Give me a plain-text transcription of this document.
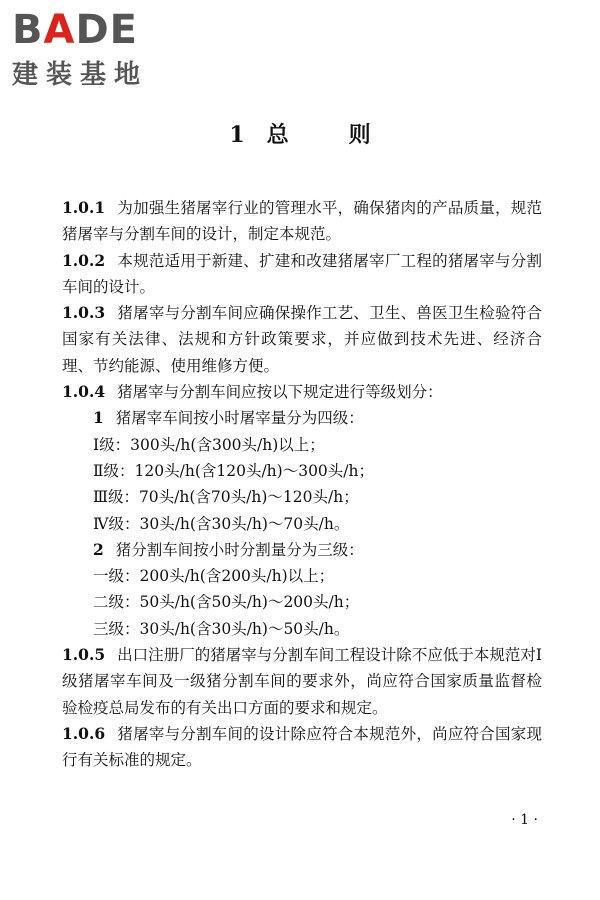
BADE
建装基地
1 总	则

1.0.1 为加强生猪屠宰行业的管理水平，确保猪肉的产品质量，规范猪屠宰与分割车间的设计，制定本规范。

1.0.2 本规范适用于新建、扩建和改建猪屠宰厂工程的猪屠宰与分割车间的设计。

1.0.3 猪屠宰与分割车间应确保操作工艺、卫生、兽医卫生检验符合国家有关法律、法规和方针政策要求，并应做到技术先进、经济合理、节约能源、使用维修方便。

1.0.4 猪屠宰与分割车间应按以下规定进行等级划分：

1 猪屠宰车间按小时屠宰量分为四级：

Ⅰ级：300头/h(含300头/h)以上；

Ⅱ级：120头/h(含120头/h)～300头/h；

Ⅲ级：70头/h(含70头/h)～120头/h；

Ⅳ级：30头/h(含30头/h)～70头/h。

2 猪分割车间按小时分割量分为三级：

一级：200头/h(含200头/h)以上；

二级：50头/h(含50头/h)～200头/h；

三级：30头/h(含30头/h)～50头/h。

1.0.5 出口注册厂的猪屠宰与分割车间工程设计除不应低于本规范对Ⅰ级猪屠宰车间及一级猪分割车间的要求外，尚应符合国家质量监督检验检疫总局发布的有关出口方面的要求和规定。

1.0.6 猪屠宰与分割车间的设计除应符合本规范外，尚应符合国家现行有关标准的规定。

· 1 ·
